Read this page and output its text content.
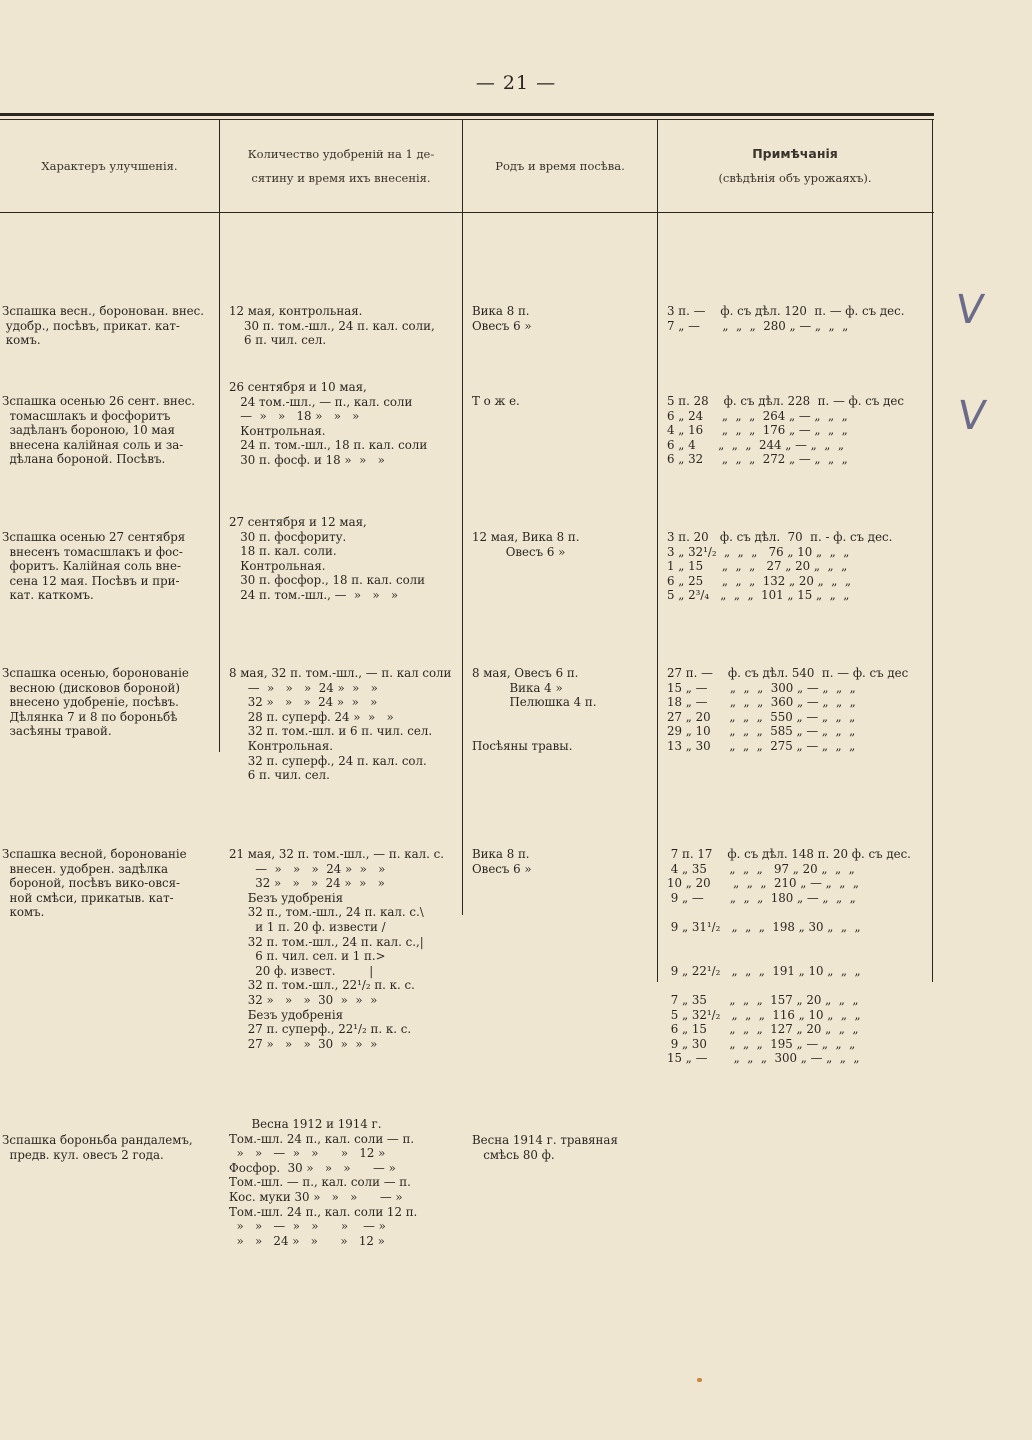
— 21 —
Характеръ улучшенія.
Количество удобреній на 1 де-
сятину и время ихъ внесенія.
Родъ и время посѣва.
Примѣчанія
(свѣдѣнія объ урожаяхъ).
Зспашка весн., боронован. внес.
удобр., посѣвъ, прикат. кат-
комъ.
12 мая, контрольная.
30 п. том.-шл., 24 п. кал. соли,
6 п. чил. сел.
Вика 8 п.
Овесъ 6 »
3 п. —    ф. съ дѣл. 120  п. — ф. съ дес.
7 „ —      „  „  „  280 „ — „  „  „
Зспашка осенью 26 сент. внес.
томасшлакъ и фосфоритъ
задѣланъ бороною, 10 мая
внесена калійная соль и за-
дѣлана бороной. Посѣвъ.
26 сентября и 10 мая,
24 том.-шл., — п., кал. соли
—  »   »   18 »   »   »
Контрольная.
24 п. том.-шл., 18 п. кал. соли
30 п. фосф. и 18 »  »   »
Т о ж е.	5 п. 28    ф. съ дѣл. 228  п. — ф. съ дес
6 „ 24     „  „  „  264 „ — „  „  „
4 „ 16     „  „  „  176 „ — „  „  „
6 „ 4      „  „  „  244 „ — „  „  „
6 „ 32     „  „  „  272 „ — „  „  „
Зспашка осенью 27 сентября
внесенъ томасшлакъ и фос-
форитъ. Калійная соль вне-
сена 12 мая. Посѣвъ и при-
кат. каткомъ.
27 сентября и 12 мая,
30 п. фосфориту.
18 п. кал. соли.
Контрольная.
30 п. фосфор., 18 п. кал. соли
24 п. том.-шл., —  »   »   »
12 мая, Вика 8 п.
Овесъ 6 »
3 п. 20   ф. съ дѣл.  70  п. - ф. съ дес.
3 „ 32¹/₂  „  „  „   76 „ 10 „  „  „
1 „ 15     „  „  „   27 „ 20 „  „  „
6 „ 25     „  „  „  132 „ 20 „  „  „
5 „ 2³/₄   „  „  „  101 „ 15 „  „  „
Зспашка осенью, боронованіе
весною (дисковов бороной)
внесено удобреніе, посѣвъ.
Дѣлянка 7 и 8 по бороньбѣ
засѣяны травой.
8 мая, 32 п. том.-шл., — п. кал соли
—  »   »   »  24 »  »   »
32 »   »   »  24 »  »   »
28 п. суперф. 24 »  »   »
32 п. том.-шл. и 6 п. чил. сел.
Контрольная.
32 п. суперф., 24 п. кал. сол.
6 п. чил. сел.
8 мая, Овесъ 6 п.
Вика 4 »
Пелюшка 4 п.

Посѣяны травы.
27 п. —    ф. съ дѣл. 540  п. — ф. съ дес
15 „ —      „  „  „  300 „ — „  „  „
18 „ —      „  „  „  360 „ — „  „  „
27 „ 20     „  „  „  550 „ — „  „  „
29 „ 10     „  „  „  585 „ — „  „  „
13 „ 30     „  „  „  275 „ — „  „  „
Зспашка весной, боронованіе
внесен. удобрен. задѣлка
бороной, посѣвъ вико-овся-
ной смѣси, прикатыв. кат-
комъ.
21 мая, 32 п. том.-шл., — п. кал. с.
—  »   »   »  24 »  »   »
32 »   »   »  24 »  »   »
Безъ удобренія
32 п., том.-шл., 24 п. кал. с.\
и 1 п. 20 ф. извести /
32 п. том.-шл., 24 п. кал. с.,|
6 п. чил. сел. и 1 п.>
20 ф. извест.         |
32 п. том.-шл., 22¹/₂ п. к. с.
32 »   »   »  30  »  »  »
Безъ удобренія
27 п. суперф., 22¹/₂ п. к. с.
27 »   »   »  30  »  »  »
Вика 8 п.
Овесъ 6 »
7 п. 17    ф. съ дѣл. 148 п. 20 ф. съ дес.
4 „ 35      „  „  „   97 „ 20 „  „  „
10 „ 20      „  „  „  210 „ — „  „  „
9 „ —       „  „  „  180 „ — „  „  „

9 „ 31¹/₂   „  „  „  198 „ 30 „  „  „

9 „ 22¹/₂   „  „  „  191 „ 10 „  „  „

7 „ 35      „  „  „  157 „ 20 „  „  „
5 „ 32¹/₂   „  „  „  116 „ 10 „  „  „
6 „ 15      „  „  „  127 „ 20 „  „  „
9 „ 30      „  „  „  195 „ — „  „  „
15 „ —       „  „  „  300 „ — „  „  „
Зспашка бороньба рандалемъ,
предв. кул. овесъ 2 года.
Весна 1912 и 1914 г.
Том.-шл. 24 п., кал. соли — п.
»   »   —  »   »      »   12 »
Фосфор.  30 »   »   »      — »
Том.-шл. — п., кал. соли — п.
Кос. муки 30 »   »   »      — »
Том.-шл. 24 п., кал. соли 12 п.
»   »   —  »   »      »    — »
»   »   24 »   »      »   12 »
Весна 1914 г. травяная
смѣсь 80 ф.
V
V
